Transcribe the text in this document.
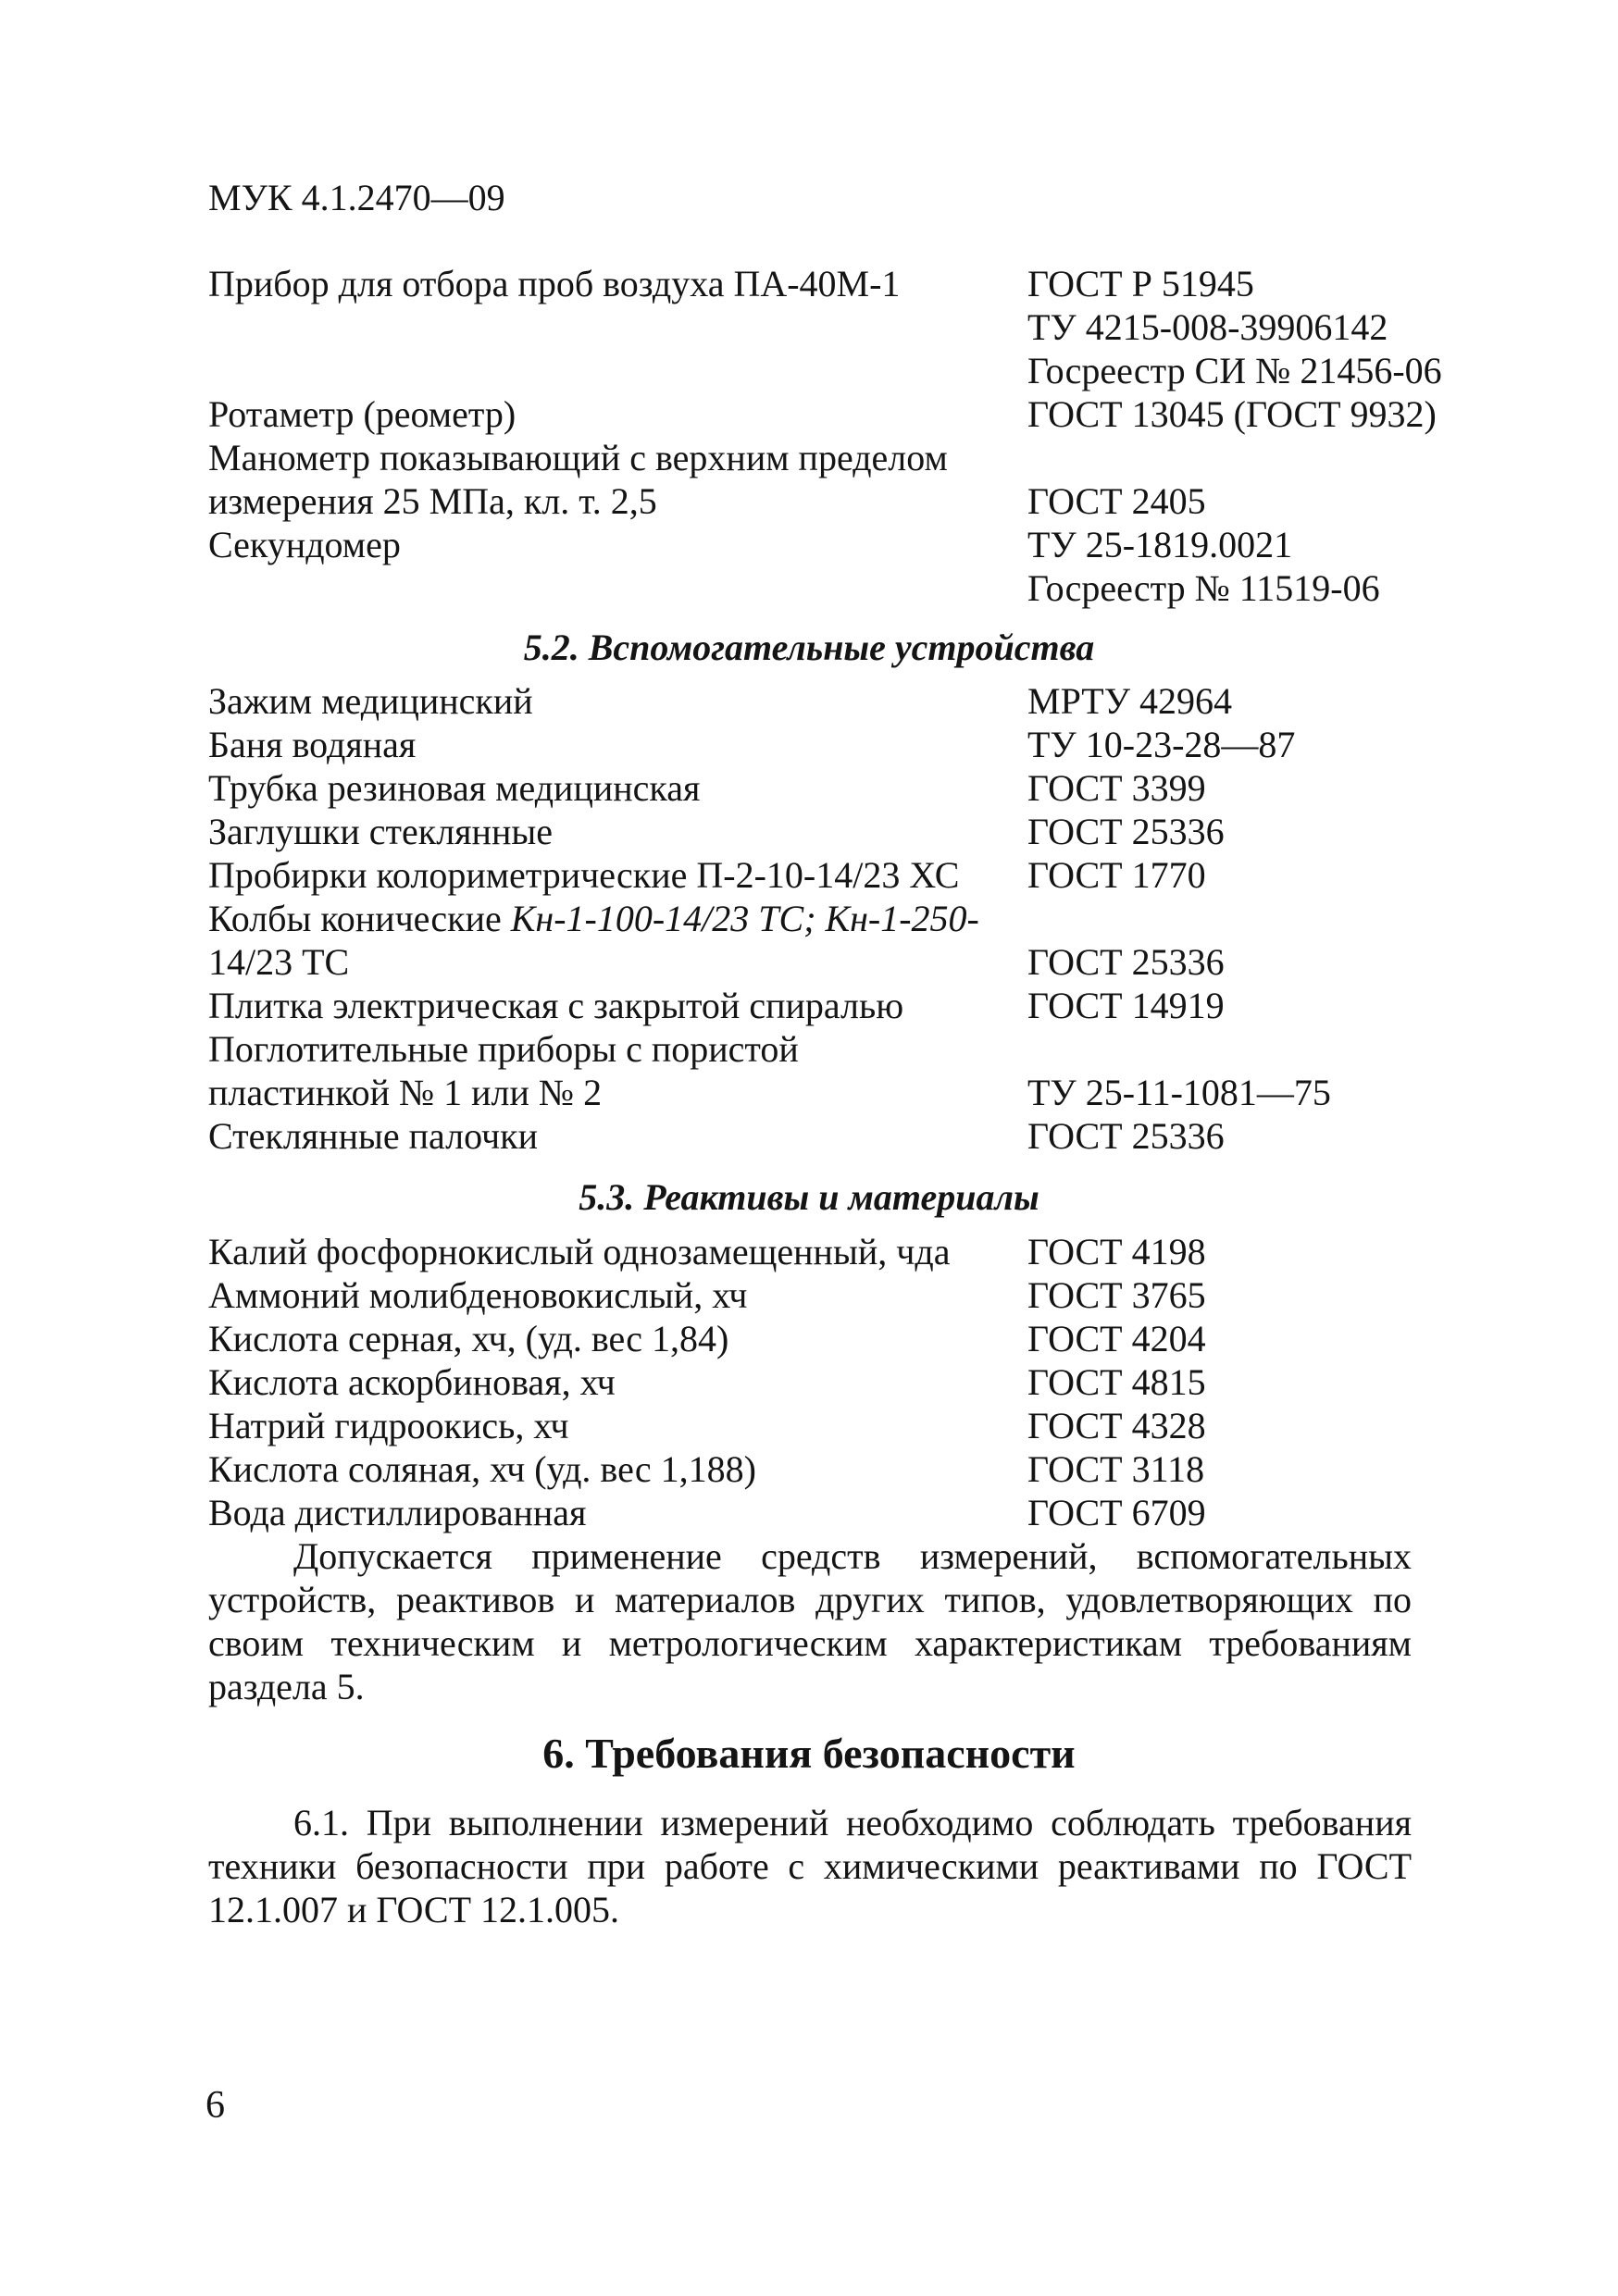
МУК 4.1.2470—09
Прибор для отбора проб воздуха ПА-40М-1	ГОСТ Р 51945
ТУ 4215-008-39906142
Госреестр СИ № 21456-06
Ротаметр (реометр)	ГОСТ 13045 (ГОСТ 9932)
Манометр показывающий с верхним пределом
измерения 25 МПа, кл. т. 2,5	ГОСТ 2405
Секундомер	ТУ 25-1819.0021
Госреестр № 11519-06
5.2. Вспомогательные устройства
Зажим медицинский	МРТУ 42964
Баня водяная	ТУ 10-23-28—87
Трубка резиновая медицинская	ГОСТ 3399
Заглушки стеклянные	ГОСТ 25336
Пробирки колориметрические П-2-10-14/23 ХС	ГОСТ 1770
Колбы конические Кн-1-100-14/23 ТС; Кн-1-250-
14/23 ТС	ГОСТ 25336
Плитка электрическая с закрытой спиралью	ГОСТ 14919
Поглотительные приборы с пористой
пластинкой № 1 или № 2	ТУ 25-11-1081—75
Стеклянные палочки	ГОСТ 25336
5.3. Реактивы и материалы
Калий фосфорнокислый однозамещенный, чда	ГОСТ 4198
Аммоний молибденовокислый, хч	ГОСТ 3765
Кислота серная, хч, (уд. вес 1,84)	ГОСТ 4204
Кислота аскорбиновая, хч	ГОСТ 4815
Натрий гидроокись, хч	ГОСТ 4328
Кислота соляная, хч (уд. вес 1,188)	ГОСТ 3118
Вода дистиллированная	ГОСТ 6709
Допускается применение средств измерений, вспомогательных устройств, реактивов и материалов других типов, удовлетворяющих по своим техническим и метрологическим характеристикам требованиям раздела 5.
6. Требования безопасности
6.1. При выполнении измерений необходимо соблюдать требования техники безопасности при работе с химическими реактивами по ГОСТ 12.1.007 и ГОСТ 12.1.005.
6
